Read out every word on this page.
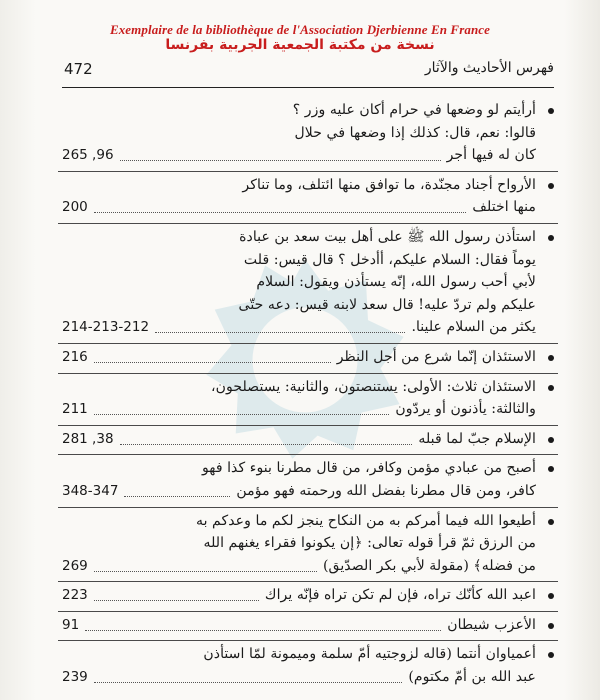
Exemplaire de la bibliothèque de l'Association Djerbienne En France
نسخة من مكتبة الجمعية الجربية بفرنسا
472	فهرس الأحاديث والآثار
أرأيتم لو وضعها في حرام أكان عليه وزر ؟
قالوا: نعم، قال: كذلك إذا وضعها في حلال
كان له فيها أجر
265 ,96
الأرواح أجناد مجنّدة، ما توافق منها ائتلف، وما تناكر
منها اختلف
200
استأذن رسول الله ﷺ على أهل بيت سعد بن عبادة
يوماً فقال: السلام عليكم، أأدخل ؟ قال قيس: قلت
لأبي أحب رسول الله، إنّه يستأذن ويقول: السلام
عليكم ولم تردّ عليه! قال سعد لابنه قيس: دعه حتّى
يكثر من السلام علينا.
214-213-212
الاستئذان إنّما شرع من أجل النظر
216
الاستئذان ثلاث: الأولى: يستنصتون، والثانية: يستصلحون،
والثالثة: يأذنون أو يردّون
211
الإسلام جبّ لما قبله
281 ,38
أصبح من عبادي مؤمن وكافر، من قال مطرنا بنوء كذا فهو
كافر، ومن قال مطرنا بفضل الله ورحمته فهو مؤمن
348-347
أطيعوا الله فيما أمركم به من النكاح ينجز لكم ما وعدكم به
من الرزق ثمّ قرأ قوله تعالى: ﴿إن يكونوا فقراء يغنهم الله
من فضله﴾ (مقولة لأبي بكر الصدّيق)
269
اعبد الله كأنّك تراه، فإن لم تكن تراه فإنّه يراك
223
الأعزب شيطان
91
أعمياوان أنتما (قاله لزوجتيه أمّ سلمة وميمونة لمّا استأذن
عبد الله بن أمّ مكتوم)
239
